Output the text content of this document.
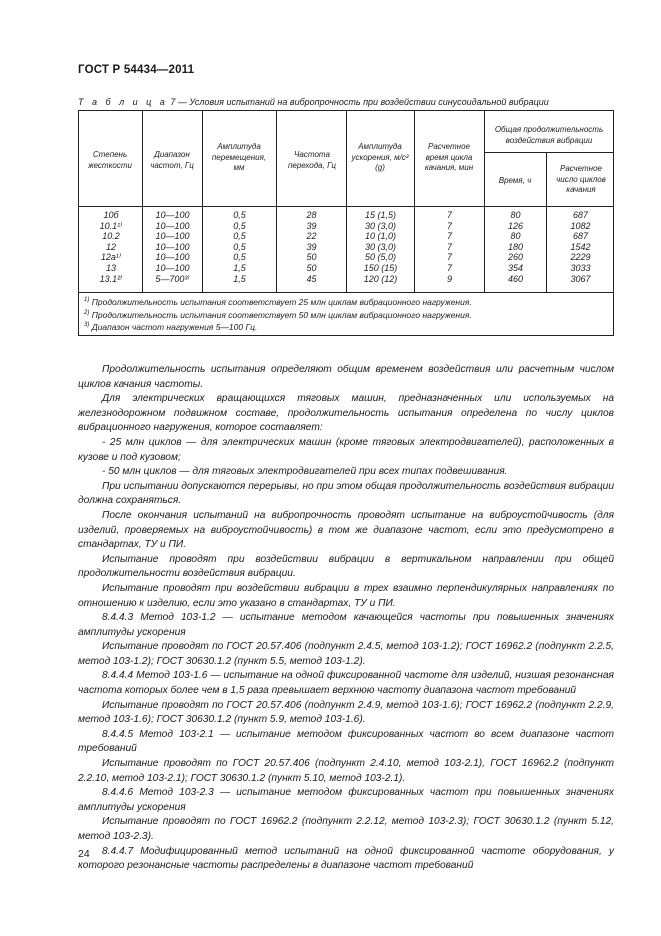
ГОСТ Р 54434—2011
Т а б л и ц а 7 — Условия испытаний на вибропрочность при воздействии синусоидальной вибрации
Степень жесткости
Диапазон частот, Гц
Амплитуда перемещения, мм
Частота перехода, Гц
Амплитуда ускорения, м/с² (g)
Расчетное время цикла качания, мин
Общая продолжительность воздействия вибрации
Время, ч
Расчетное число циклов качания
10б
10.1¹⁾
10.2
12
12а¹⁾
13
13.1²⁾
10—100
10—100
10—100
10—100
10—100
10—100
5—700³⁾
0,5
0,5
0,5
0,5
0,5
1,5
1,5
28
39
22
39
50
50
45
15 (1,5)
30 (3,0)
10 (1,0)
30 (3,0)
50 (5,0)
150 (15)
120 (12)
7
7
7
7
7
7
9
80
126
80
180
260
354
460
687
1082
687
1542
2229
3033
3067
$^{1)}$ Продолжительность испытания соответствует 25 млн циклам вибрационного нагружения.
$^{2)}$ Продолжительность испытания соответствует 50 млн циклам вибрационного нагружения.
$^{3)}$ Диапазон частот нагружения 5—100 Гц.

Продолжительность испытания определяют общим временем воздействия или расчетным числом циклов качания частоты.

Для электрических вращающихся тяговых машин, предназначенных или используемых на железнодорожном подвижном составе, продолжительность испытания определена по числу циклов вибрационного нагружения, которое составляет:

- 25 млн циклов — для электрических машин (кроме тяговых электродвигателей), расположенных в кузове и под кузовом;

- 50 млн циклов — для тяговых электродвигателей при всех типах подвешивания.

При испытании допускаются перерывы, но при этом общая продолжительность воздействия вибрации должна сохраняться.

После окончания испытаний на вибропрочность проводят испытание на виброустойчивость (для изделий, проверяемых на виброустойчивость) в том же диапазоне частот, если это предусмотрено в стандартах, ТУ и ПИ.

Испытание проводят при воздействии вибрации в вертикальном направлении при общей продолжительности воздействия вибрации.

Испытание проводят при воздействии вибрации в трех взаимно перпендикулярных направлениях по отношению к изделию, если это указано в стандартах, ТУ и ПИ.

8.4.4.3 Метод 103-1.2 — испытание методом качающейся частоты при повышенных значениях амплитуды ускорения

Испытание проводят по ГОСТ 20.57.406 (подпункт 2.4.5, метод 103-1.2); ГОСТ 16962.2 (подпункт 2.2.5, метод 103-1.2); ГОСТ 30630.1.2 (пункт 5.5, метод 103-1.2).

8.4.4.4 Метод 103-1.6 — испытание на одной фиксированной частоте для изделий, низшая резонансная частота которых более чем в 1,5 раза превышает верхнюю частоту диапазона частот требований

Испытание проводят по ГОСТ 20.57.406 (подпункт 2.4.9, метод 103-1.6); ГОСТ 16962.2 (подпункт 2.2.9, метод 103-1.6); ГОСТ 30630.1.2 (пункт 5.9, метод 103-1.6).

8.4.4.5 Метод 103-2.1 — испытание методом фиксированных частот во всем диапазоне частот требований

Испытание проводят по ГОСТ 20.57.406 (подпункт 2.4.10, метод 103-2.1), ГОСТ 16962.2 (подпункт 2.2.10, метод 103-2.1); ГОСТ 30630.1.2 (пункт 5.10, метод 103-2.1).

8.4.4.6 Метод 103-2.3 — испытание методом фиксированных частот при повышенных значениях амплитуды ускорения

Испытание проводят по ГОСТ 16962.2 (подпункт 2.2.12, метод 103-2.3); ГОСТ 30630.1.2 (пункт 5.12, метод 103-2.3).

8.4.4.7 Модифицированный метод испытаний на одной фиксированной частоте оборудования, у которого резонансные частоты распределены в диапазоне частот требований

24
